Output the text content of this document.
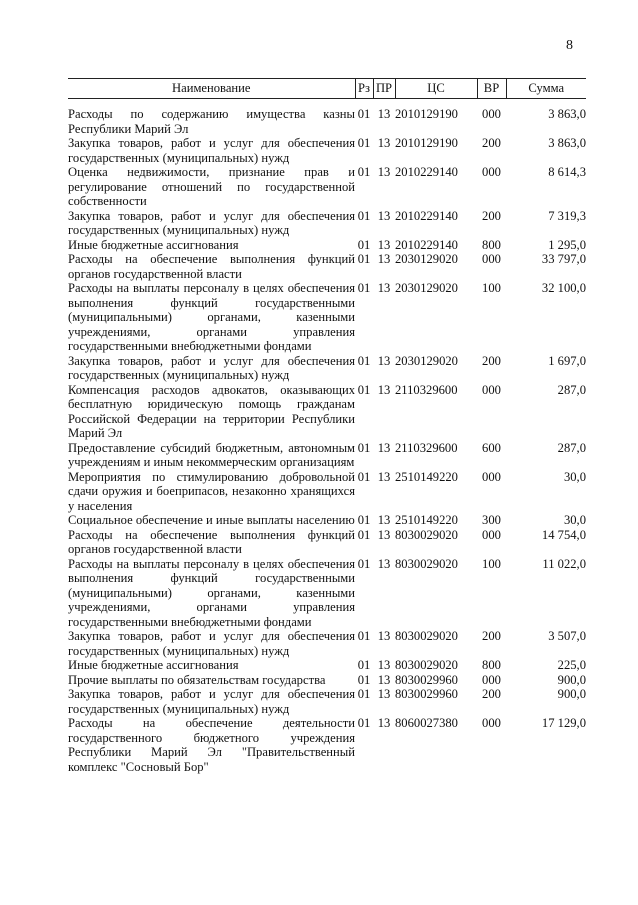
8
Наименование	Рз	ПР	ЦС	ВР	Сумма

Расходы по содержанию имущества казны Республики Марий Эл	01	13	2010129190	000	3 863,0
Закупка товаров, работ и услуг для обеспечения государственных (муниципальных) нужд	01	13	2010129190	200	3 863,0
Оценка недвижимости, признание прав и регулирование отношений по государственной собственности	01	13	2010229140	000	8 614,3
Закупка товаров, работ и услуг для обеспечения государственных (муниципальных) нужд	01	13	2010229140	200	7 319,3
Иные бюджетные ассигнования	01	13	2010229140	800	1 295,0
Расходы на обеспечение выполнения функций органов государственной власти	01	13	2030129020	000	33 797,0
Расходы на выплаты персоналу в целях обеспечения выполнения функций государственными (муниципальными) органами, казенными учреждениями, органами управления государственными внебюджетными фондами	01	13	2030129020	100	32 100,0
Закупка товаров, работ и услуг для обеспечения государственных (муниципальных) нужд	01	13	2030129020	200	1 697,0
Компенсация расходов адвокатов, оказывающих бесплатную юридическую помощь гражданам Российской Федерации на территории Республики Марий Эл	01	13	2110329600	000	287,0
Предоставление субсидий бюджетным, автономным учреждениям и иным некоммерческим организациям	01	13	2110329600	600	287,0
Мероприятия по стимулированию добровольной сдачи оружия и боеприпасов, незаконно хранящихся у населения	01	13	2510149220	000	30,0
Социальное обеспечение и иные выплаты населению	01	13	2510149220	300	30,0
Расходы на обеспечение выполнения функций органов государственной власти	01	13	8030029020	000	14 754,0
Расходы на выплаты персоналу в целях обеспечения выполнения функций государственными (муниципальными) органами, казенными учреждениями, органами управления государственными внебюджетными фондами	01	13	8030029020	100	11 022,0
Закупка товаров, работ и услуг для обеспечения государственных (муниципальных) нужд	01	13	8030029020	200	3 507,0
Иные бюджетные ассигнования	01	13	8030029020	800	225,0
Прочие выплаты по обязательствам государства	01	13	8030029960	000	900,0
Закупка товаров, работ и услуг для обеспечения государственных (муниципальных) нужд	01	13	8030029960	200	900,0
Расходы на обеспечение деятельности государственного бюджетного учреждения Республики Марий Эл "Правительственный комплекс "Сосновый Бор"	01	13	8060027380	000	17 129,0
